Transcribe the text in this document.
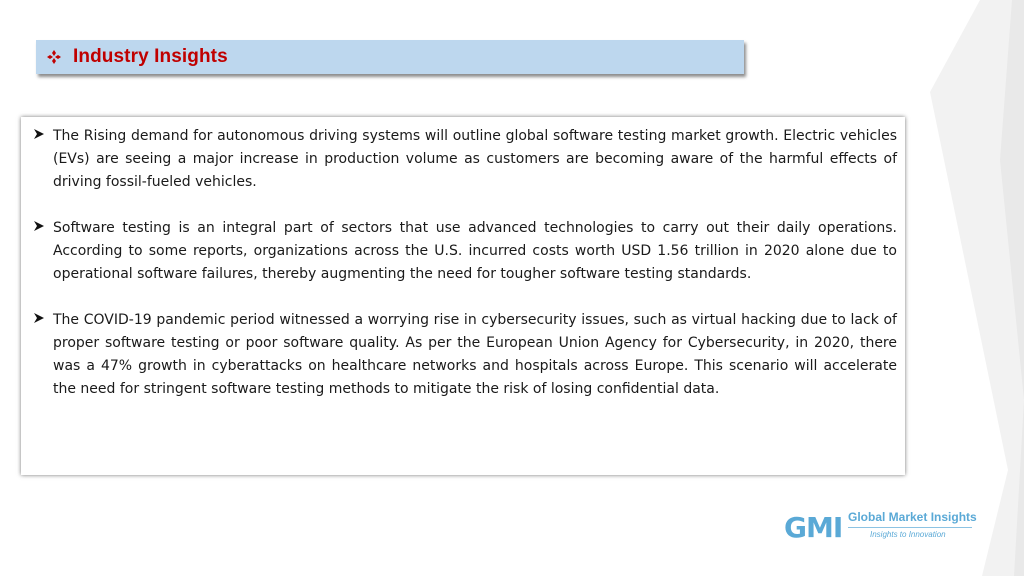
Industry Insights

The Rising demand for autonomous driving systems will outline global software testing market growth. Electric vehicles (EVs) are seeing a major increase in production volume as customers are becoming aware of the harmful effects of driving fossil-fueled vehicles.

Software testing is an integral part of sectors that use advanced technologies to carry out their daily operations. According to some reports, organizations across the U.S. incurred costs worth USD 1.56 trillion in 2020 alone due to operational software failures, thereby augmenting the need for tougher software testing standards.

The COVID-19 pandemic period witnessed a worrying rise in cybersecurity issues, such as virtual hacking due to lack of proper software testing or poor software quality. As per the European Union Agency for Cybersecurity, in 2020, there was a 47% growth in cyberattacks on healthcare networks and hospitals across Europe. This scenario will accelerate the need for stringent software testing methods to mitigate the risk of losing confidential data.

GMI Global Market Insights
Insights to Innovation
